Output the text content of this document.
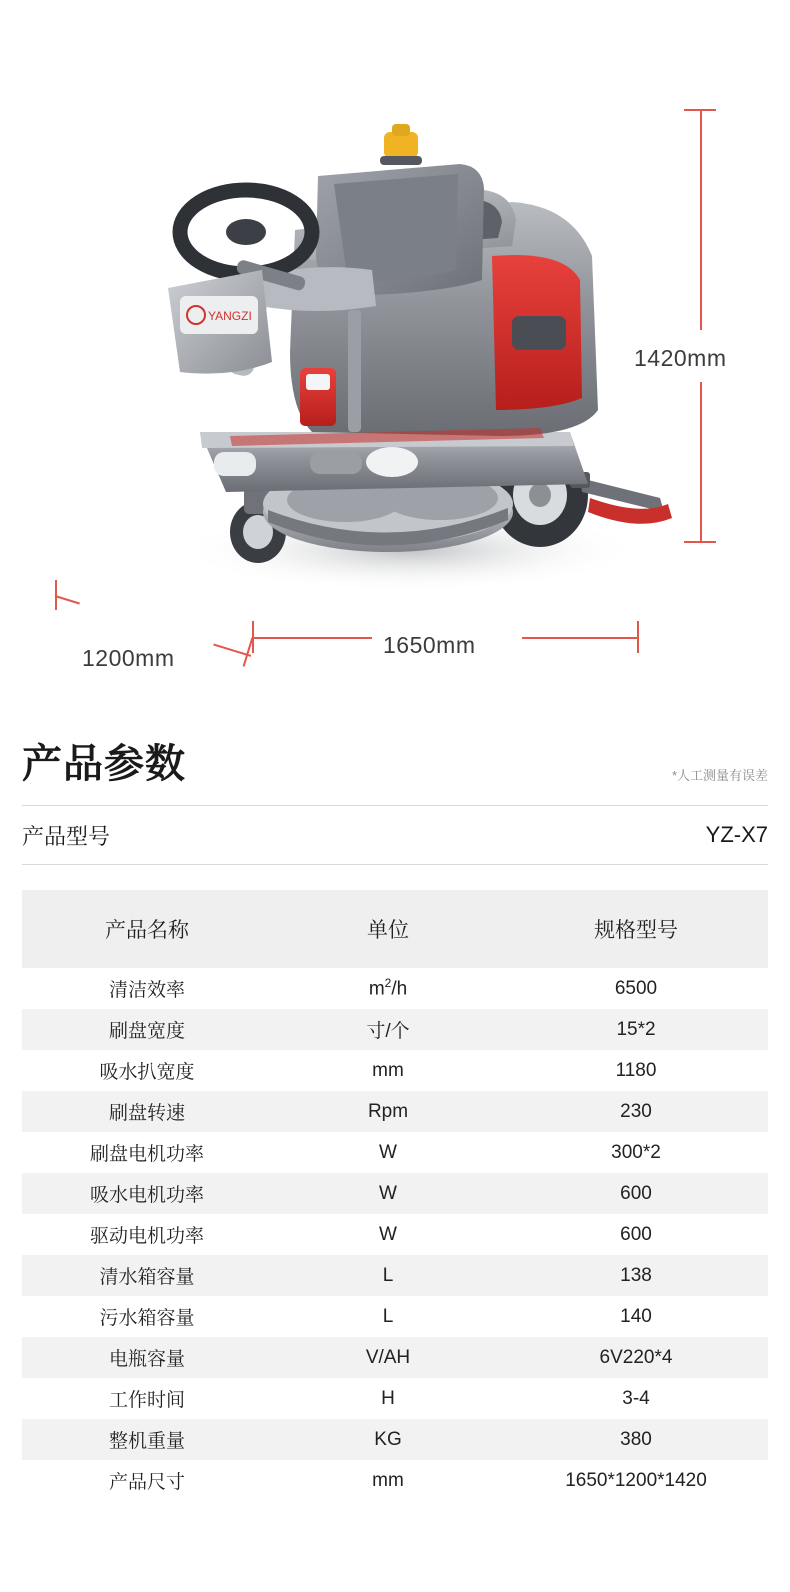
YANGZI
1420mm
1650mm
1200mm
产品参数	*人工测量有误差
产品型号	YZ-X7
产品名称	单位	规格型号
清洁效率	$m^2/h$	6500
刷盘宽度	寸/个	15*2
吸水扒宽度	mm	1180
刷盘转速	Rpm	230
刷盘电机功率	W	300*2
吸水电机功率	W	600
驱动电机功率	W	600
清水箱容量	L	138
污水箱容量	L	140
电瓶容量	V/AH	6V220*4
工作时间	H	3-4
整机重量	KG	380
产品尺寸	mm	1650*1200*1420
